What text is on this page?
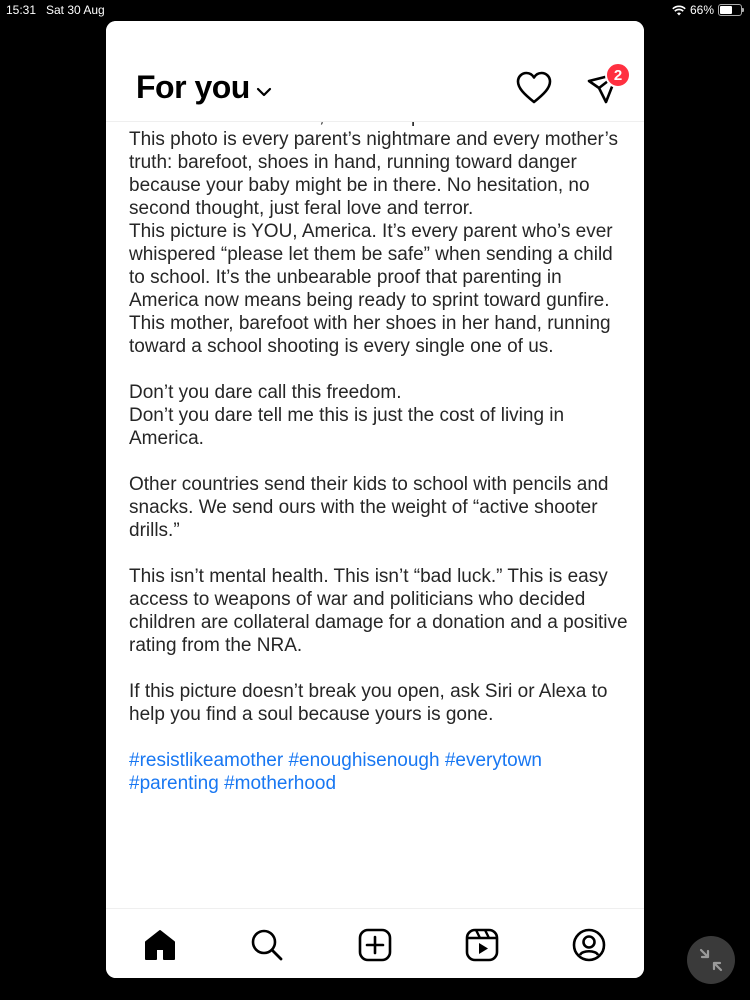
15:31 Sat 30 Aug	66%

This photo is every parent’s nightmare and every mother’s truth: barefoot, shoes in hand, running toward danger because your baby might be in there. No hesitation, no second thought, just feral love and terror.

This picture is YOU, America. It’s every parent who’s ever whispered “please let them be safe” when sending a child to school. It’s the unbearable proof that parenting in America now means being ready to sprint toward gunfire.

This mother, barefoot with her shoes in her hand, running toward a school shooting is every single one of us.

Don’t you dare call this freedom.

Don’t you dare tell me this is just the cost of living in America.

Other countries send their kids to school with pencils and snacks. We send ours with the weight of “active shooter drills.”

This isn’t mental health. This isn’t “bad luck.” This is easy access to weapons of war and politicians who decided children are collateral damage for a donation and a positive rating from the NRA.

If this picture doesn’t break you open, ask Siri or Alexa to help you find a soul because yours is gone.

#resistlikeamother #enoughisenough #everytown #parenting #motherhood

For you	2
